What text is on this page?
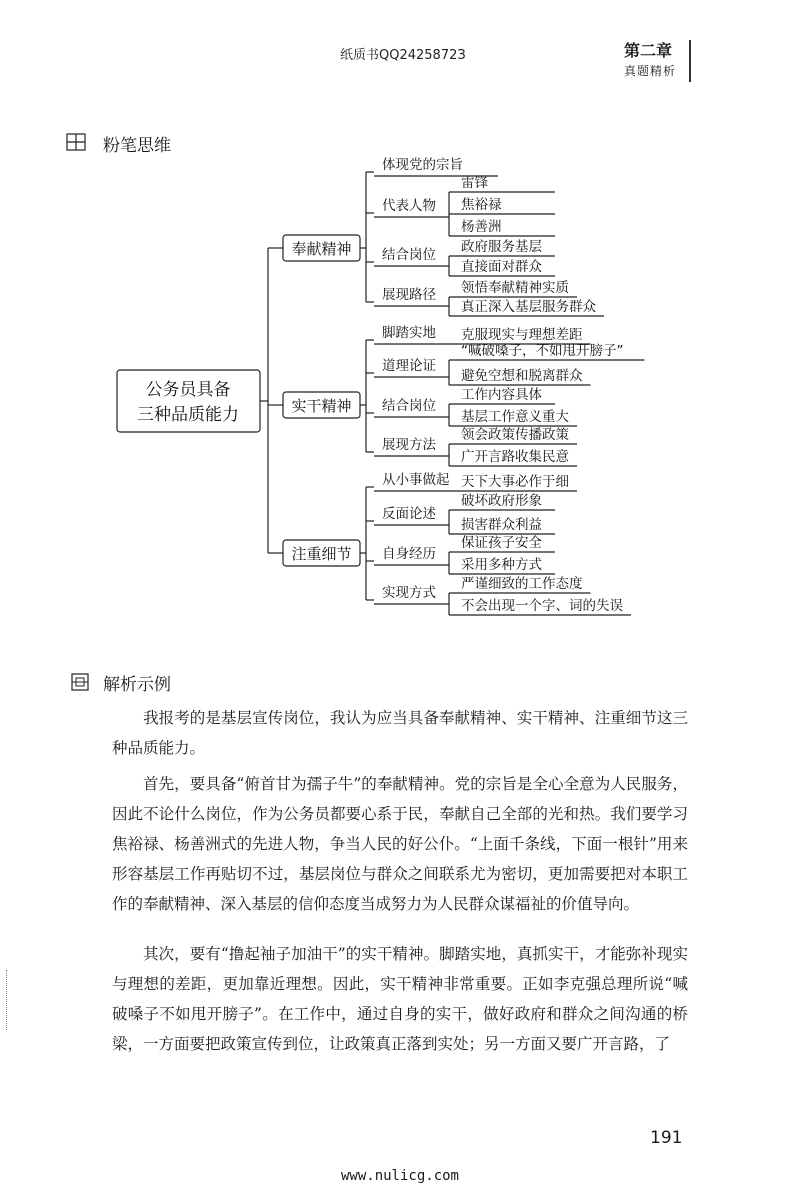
纸质书QQ2425872З	第二章
真题精析
粉笔思维
公务员具备
三种品质能力
奉献精神
体现党的宗旨
代表人物
雷锋
焦裕禄
杨善洲
结合岗位 政府服务基层
直接面对群众
展现路径 领悟奉献精神实质
真正深入基层服务群众
实干精神
脚踏实地 克服现实与理想差距
道理论证
“喊破嗓子，不如甩开膀子”
避免空想和脱离群众
结合岗位
工作内容具体
基层工作意义重大
展现方法
领会政策传播政策
广开言路收集民意
注重细节
从小事做起 天下大事必作于细
反面论述
破坏政府形象
损害群众利益
自身经历
保证孩子安全
采用多种方式
实现方式
严谨细致的工作态度
不会出现一个字、词的失误
解析示例
我报考的是基层宣传岗位，我认为应当具备奉献精神、实干精神、注重细节这三种品质能力。
首先，要具备“俯首甘为孺子牛”的奉献精神。党的宗旨是全心全意为人民服务，因此不论什么岗位，作为公务员都要心系于民，奉献自己全部的光和热。我们要学习焦裕禄、杨善洲式的先进人物，争当人民的好公仆。“上面千条线，下面一根针”用来形容基层工作再贴切不过，基层岗位与群众之间联系尤为密切，更加需要把对本职工作的奉献精神、深入基层的信仰态度当成努力为人民群众谋福祉的价值导向。
其次，要有“撸起袖子加油干”的实干精神。脚踏实地，真抓实干，才能弥补现实与理想的差距，更加靠近理想。因此，实干精神非常重要。正如李克强总理所说“喊破嗓子不如甩开膀子”。在工作中，通过自身的实干，做好政府和群众之间沟通的桥梁，一方面要把政策宣传到位，让政策真正落到实处；另一方面又要广开言路，了
191
www.nulicg.com
